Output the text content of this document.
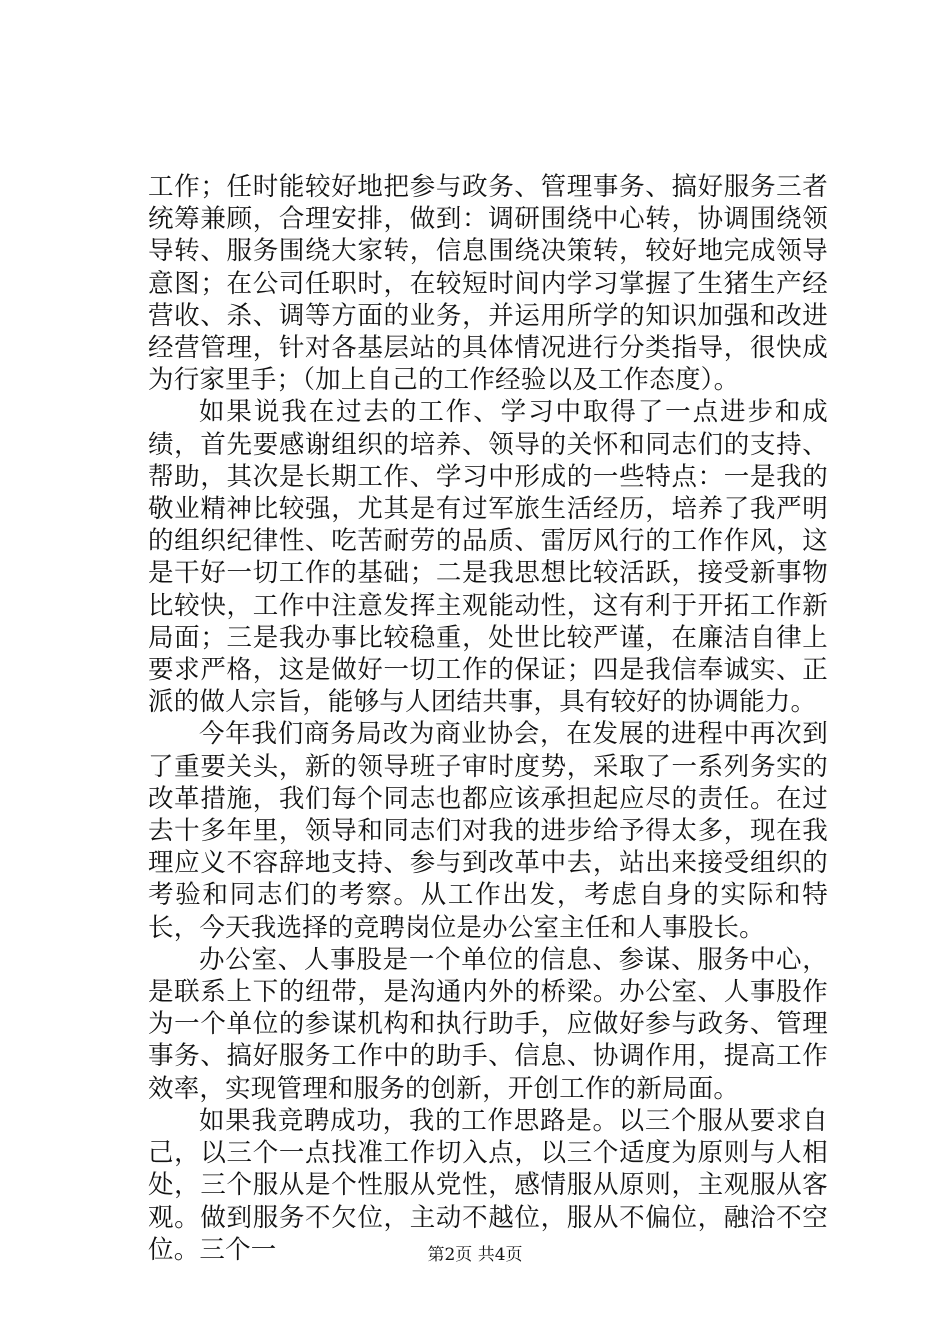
工作；任时能较好地把参与政务、管理事务、搞好服务三者统筹兼顾，合理安排，做到：调研围绕中心转，协调围绕领导转、服务围绕大家转，信息围绕决策转，较好地完成领导意图；在公司任职时，在较短时间内学习掌握了生猪生产经营收、杀、调等方面的业务，并运用所学的知识加强和改进经营管理，针对各基层站的具体情况进行分类指导，很快成为行家里手；（加上自己的工作经验以及工作态度）。

如果说我在过去的工作、学习中取得了一点进步和成绩，首先要感谢组织的培养、领导的关怀和同志们的支持、帮助，其次是长期工作、学习中形成的一些特点：一是我的敬业精神比较强，尤其是有过军旅生活经历，培养了我严明的组织纪律性、吃苦耐劳的品质、雷厉风行的工作作风，这是干好一切工作的基础；二是我思想比较活跃，接受新事物比较快，工作中注意发挥主观能动性，这有利于开拓工作新局面；三是我办事比较稳重，处世比较严谨，在廉洁自律上要求严格，这是做好一切工作的保证；四是我信奉诚实、正派的做人宗旨，能够与人团结共事，具有较好的协调能力。

今年我们商务局改为商业协会，在发展的进程中再次到了重要关头，新的领导班子审时度势，采取了一系列务实的改革措施，我们每个同志也都应该承担起应尽的责任。在过去十多年里，领导和同志们对我的进步给予得太多，现在我理应义不容辞地支持、参与到改革中去，站出来接受组织的考验和同志们的考察。从工作出发，考虑自身的实际和特长，今天我选择的竞聘岗位是办公室主任和人事股长。

办公室、人事股是一个单位的信息、参谋、服务中心，是联系上下的纽带，是沟通内外的桥梁。办公室、人事股作为一个单位的参谋机构和执行助手，应做好参与政务、管理事务、搞好服务工作中的助手、信息、协调作用，提高工作效率，实现管理和服务的创新，开创工作的新局面。

如果我竞聘成功，我的工作思路是。以三个服从要求自己，以三个一点找准工作切入点，以三个适度为原则与人相处，三个服从是个性服从党性，感情服从原则，主观服从客观。做到服务不欠位，主动不越位，服从不偏位，融洽不空位。三个一	第2页 共4页
